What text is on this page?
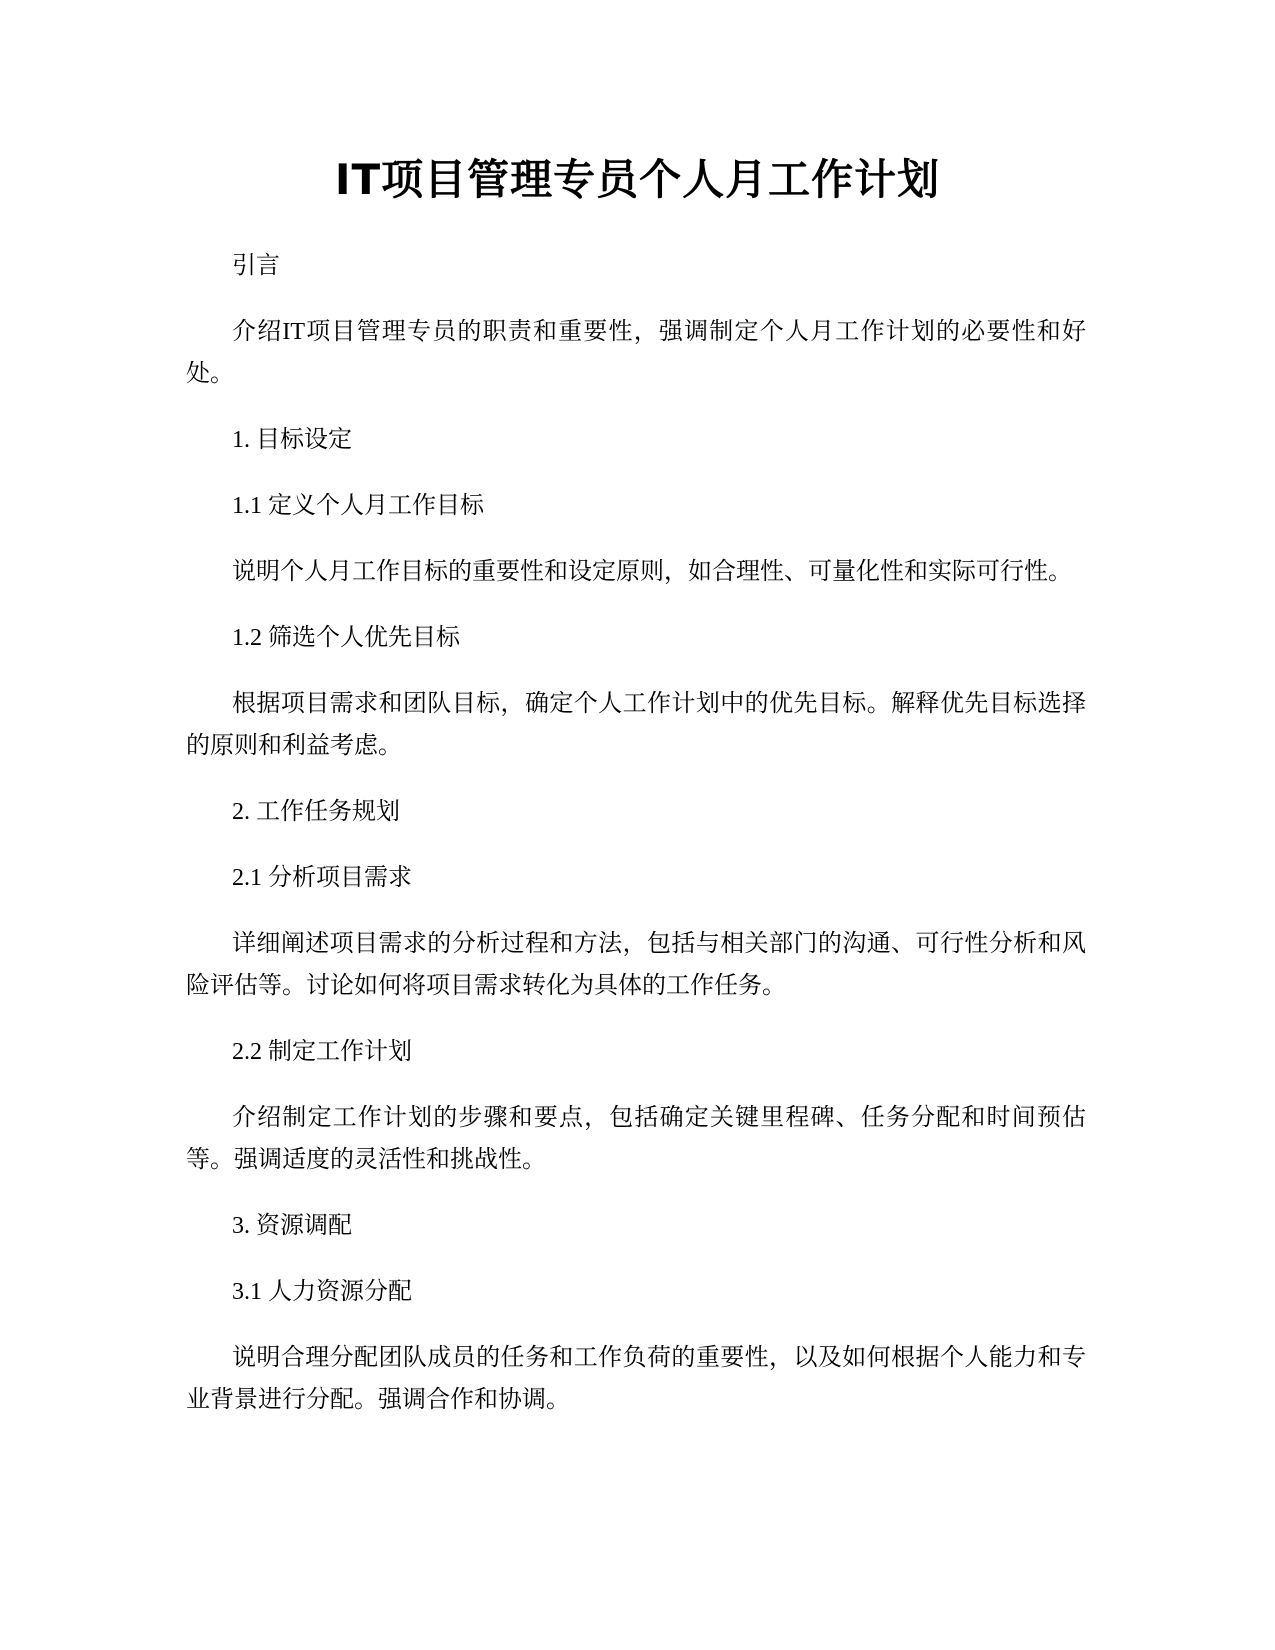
IT项目管理专员个人月工作计划

引言

介绍IT项目管理专员的职责和重要性，强调制定个人月工作计划的必要性和好处。

1. 目标设定

1.1 定义个人月工作目标

说明个人月工作目标的重要性和设定原则，如合理性、可量化性和实际可行性。

1.2 筛选个人优先目标

根据项目需求和团队目标，确定个人工作计划中的优先目标。解释优先目标选择的原则和利益考虑。

2. 工作任务规划

2.1 分析项目需求

详细阐述项目需求的分析过程和方法，包括与相关部门的沟通、可行性分析和风险评估等。讨论如何将项目需求转化为具体的工作任务。

2.2 制定工作计划

介绍制定工作计划的步骤和要点，包括确定关键里程碑、任务分配和时间预估等。强调适度的灵活性和挑战性。

3. 资源调配

3.1 人力资源分配

说明合理分配团队成员的任务和工作负荷的重要性，以及如何根据个人能力和专业背景进行分配。强调合作和协调。
